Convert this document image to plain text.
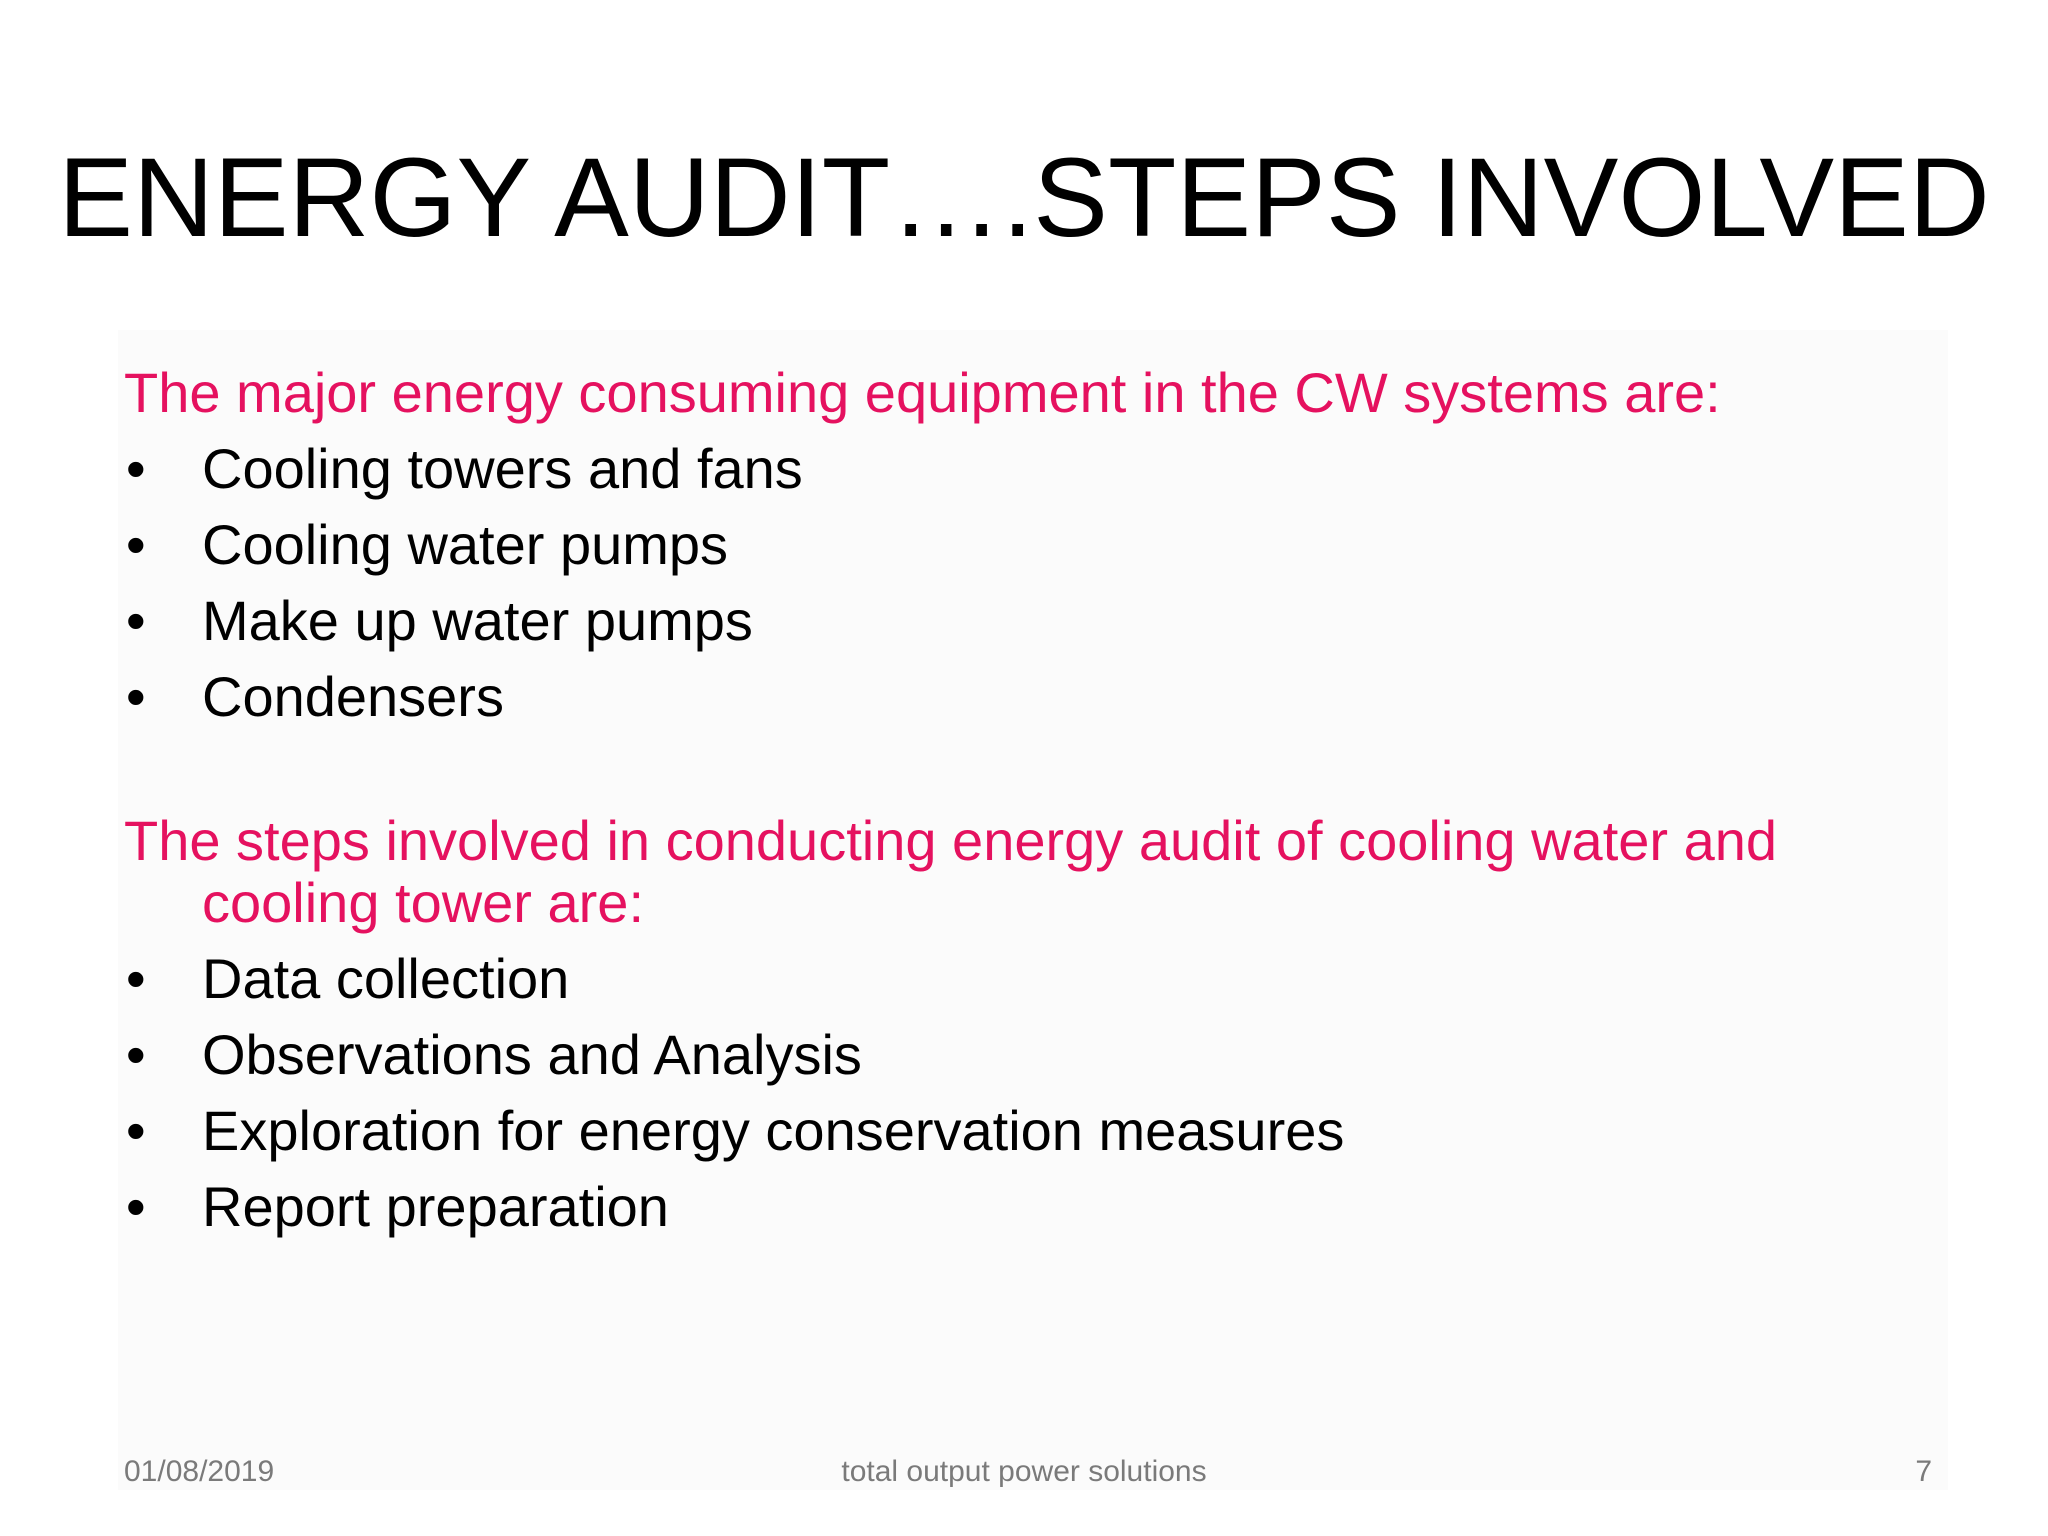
ENERGY AUDIT….STEPS INVOLVED

The major energy consuming equipment in the CW systems are:

•	Cooling towers and fans
•	Cooling water pumps
•	Make up water pumps
•	Condensers

The steps involved in conducting energy audit of cooling water and cooling tower are:

•	Data collection
•	Observations and Analysis
•	Exploration for energy conservation measures
•	Report preparation
01/08/2019	total output power solutions	7
